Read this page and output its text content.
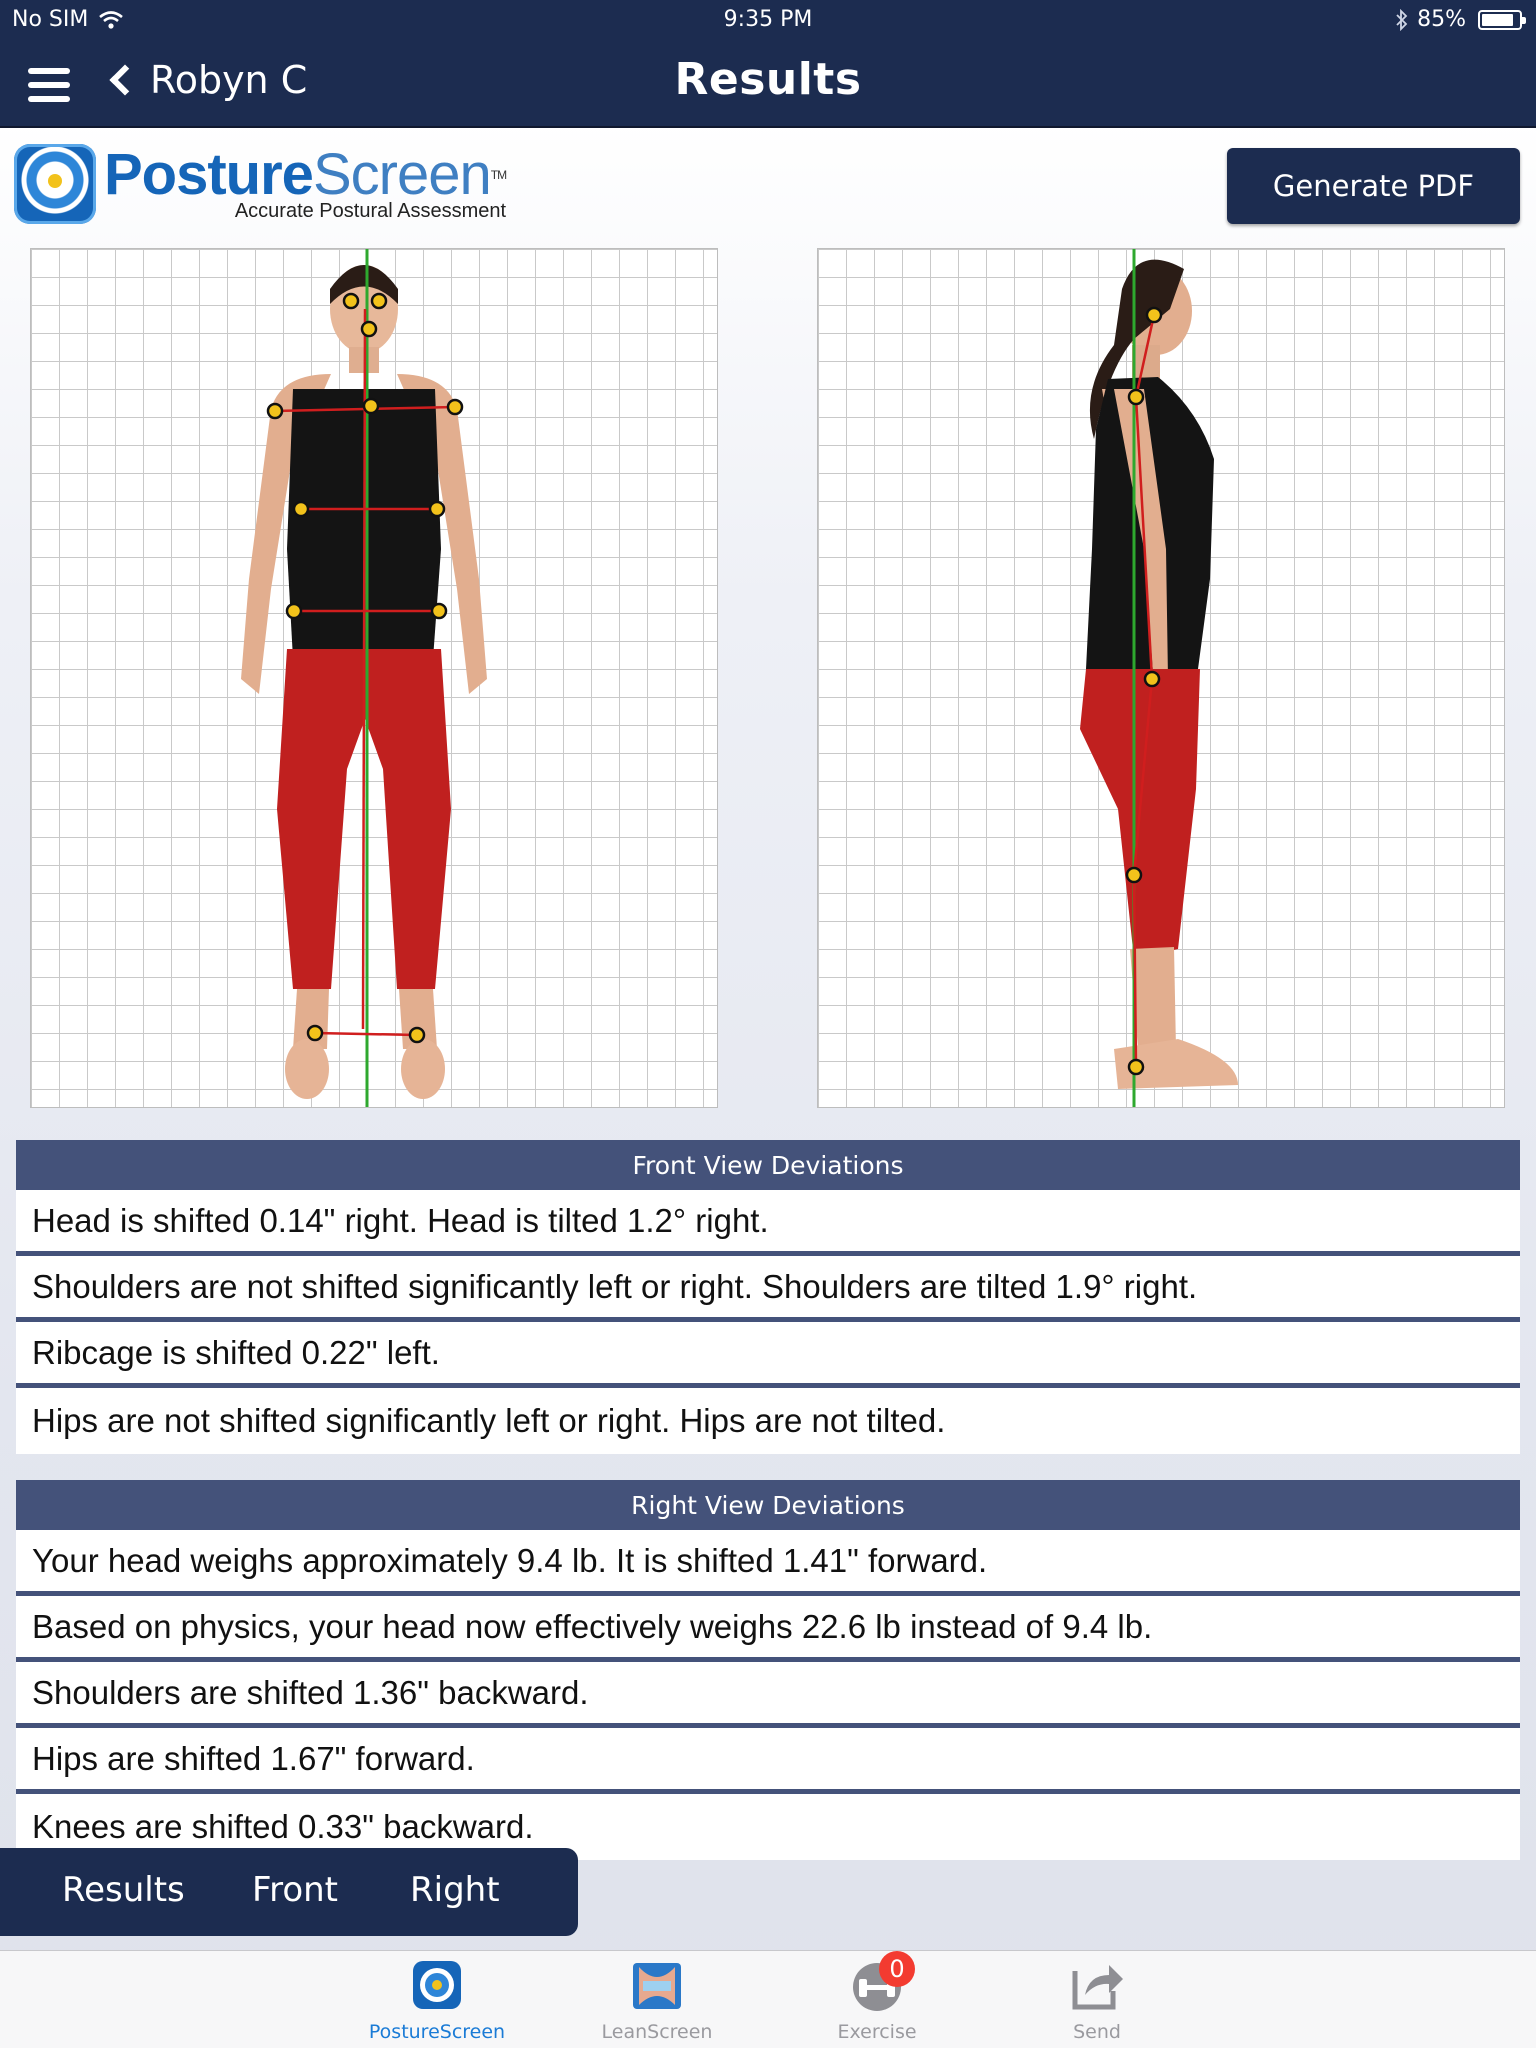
No SIM	9:35 PM	85%
Robyn C	Results
PostureScreen™
Accurate Postural Assessment
Generate PDF
Front View Deviations
Head is shifted 0.14" right. Head is tilted 1.2° right.
Shoulders are not shifted significantly left or right. Shoulders are tilted 1.9° right.
Ribcage is shifted 0.22" left.
Hips are not shifted significantly left or right. Hips are not tilted.
Right View Deviations
Your head weighs approximately 9.4 lb. It is shifted 1.41" forward.
Based on physics, your head now effectively weighs 22.6 lb instead of 9.4 lb.
Shoulders are shifted 1.36" backward.
Hips are shifted 1.67" forward.
Knees are shifted 0.33" backward.
Results Front Right
PostureScreen	LeanScreen
0
Exercise	Send
